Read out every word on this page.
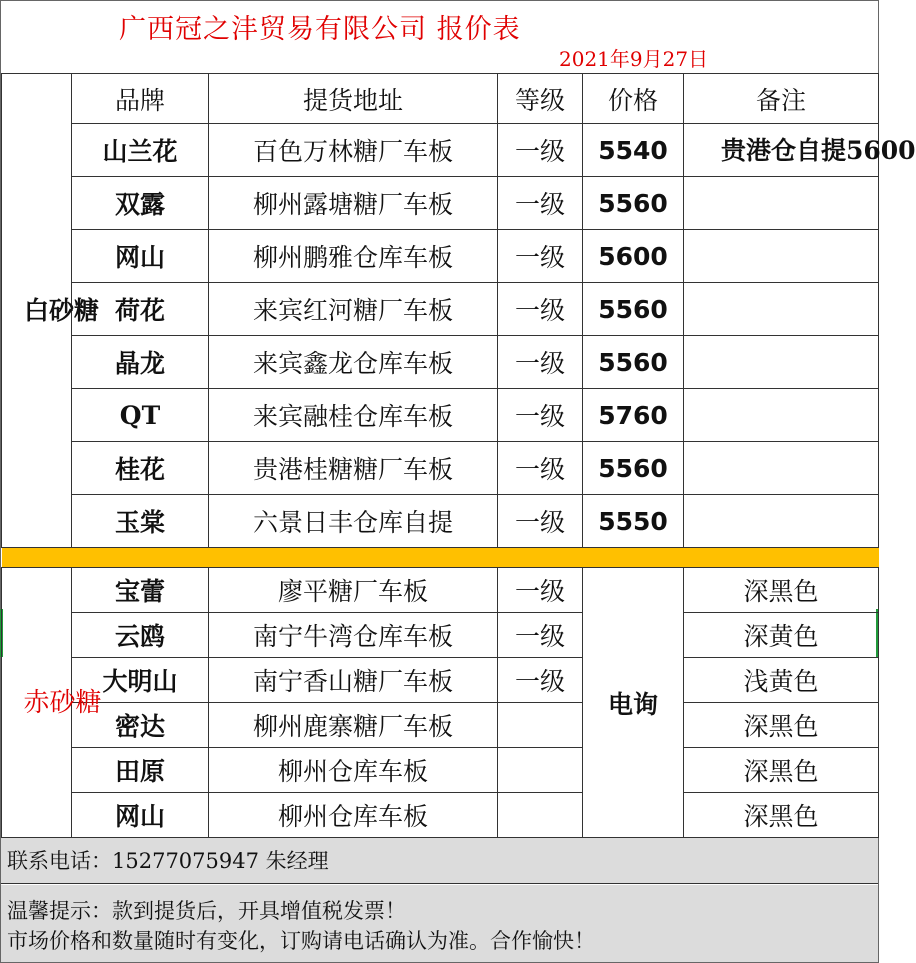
广西冠之沣贸易有限公司 报价表
2021年9月27日
白砂糖	品牌	提货地址	等级	价格	备注
	山兰花	百色万林糖厂车板	一级	5540	贵港仓自提5600
	双露	柳州露塘糖厂车板	一级	5560	
	网山	柳州鹏雅仓库车板	一级	5600	
	荷花	来宾红河糖厂车板	一级	5560	
	晶龙	来宾鑫龙仓库车板	一级	5560	
	QT	来宾融桂仓库车板	一级	5760	
	桂花	贵港桂糖糖厂车板	一级	5560	
	玉棠	六景日丰仓库自提	一级	5550	

赤砂糖	宝蕾	廖平糖厂车板	一级	电询	深黑色
	云鸥	南宁牛湾仓库车板	一级		深黄色
	大明山	南宁香山糖厂车板	一级		浅黄色
	密达	柳州鹿寨糖厂车板			深黑色
	田原	柳州仓库车板			深黑色
	网山	柳州仓库车板			深黑色
联系电话：15277075947 朱经理
温馨提示：款到提货后，开具增值税发票！
市场价格和数量随时有变化，订购请电话确认为准。合作愉快！
